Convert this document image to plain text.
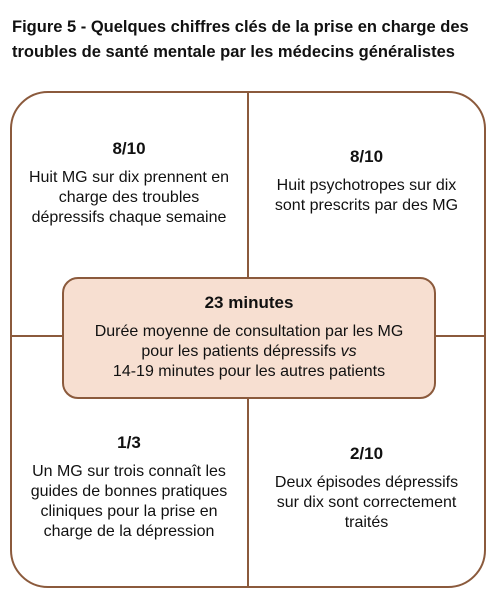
Figure 5 - Quelques chiffres clés de la prise en charge des
troubles de santé mentale par les médecins généralistes
8/10
Huit MG sur dix prennent en
charge des troubles
dépressifs chaque semaine
8/10
Huit psychotropes sur dix
sont prescrits par des MG
1/3
Un MG sur trois connaît les
guides de bonnes pratiques
cliniques pour la prise en
charge de la dépression
2/10
Deux épisodes dépressifs
sur dix sont correctement
traités
23 minutes
Durée moyenne de consultation par les MG
pour les patients dépressifs vs
14-19 minutes pour les autres patients
